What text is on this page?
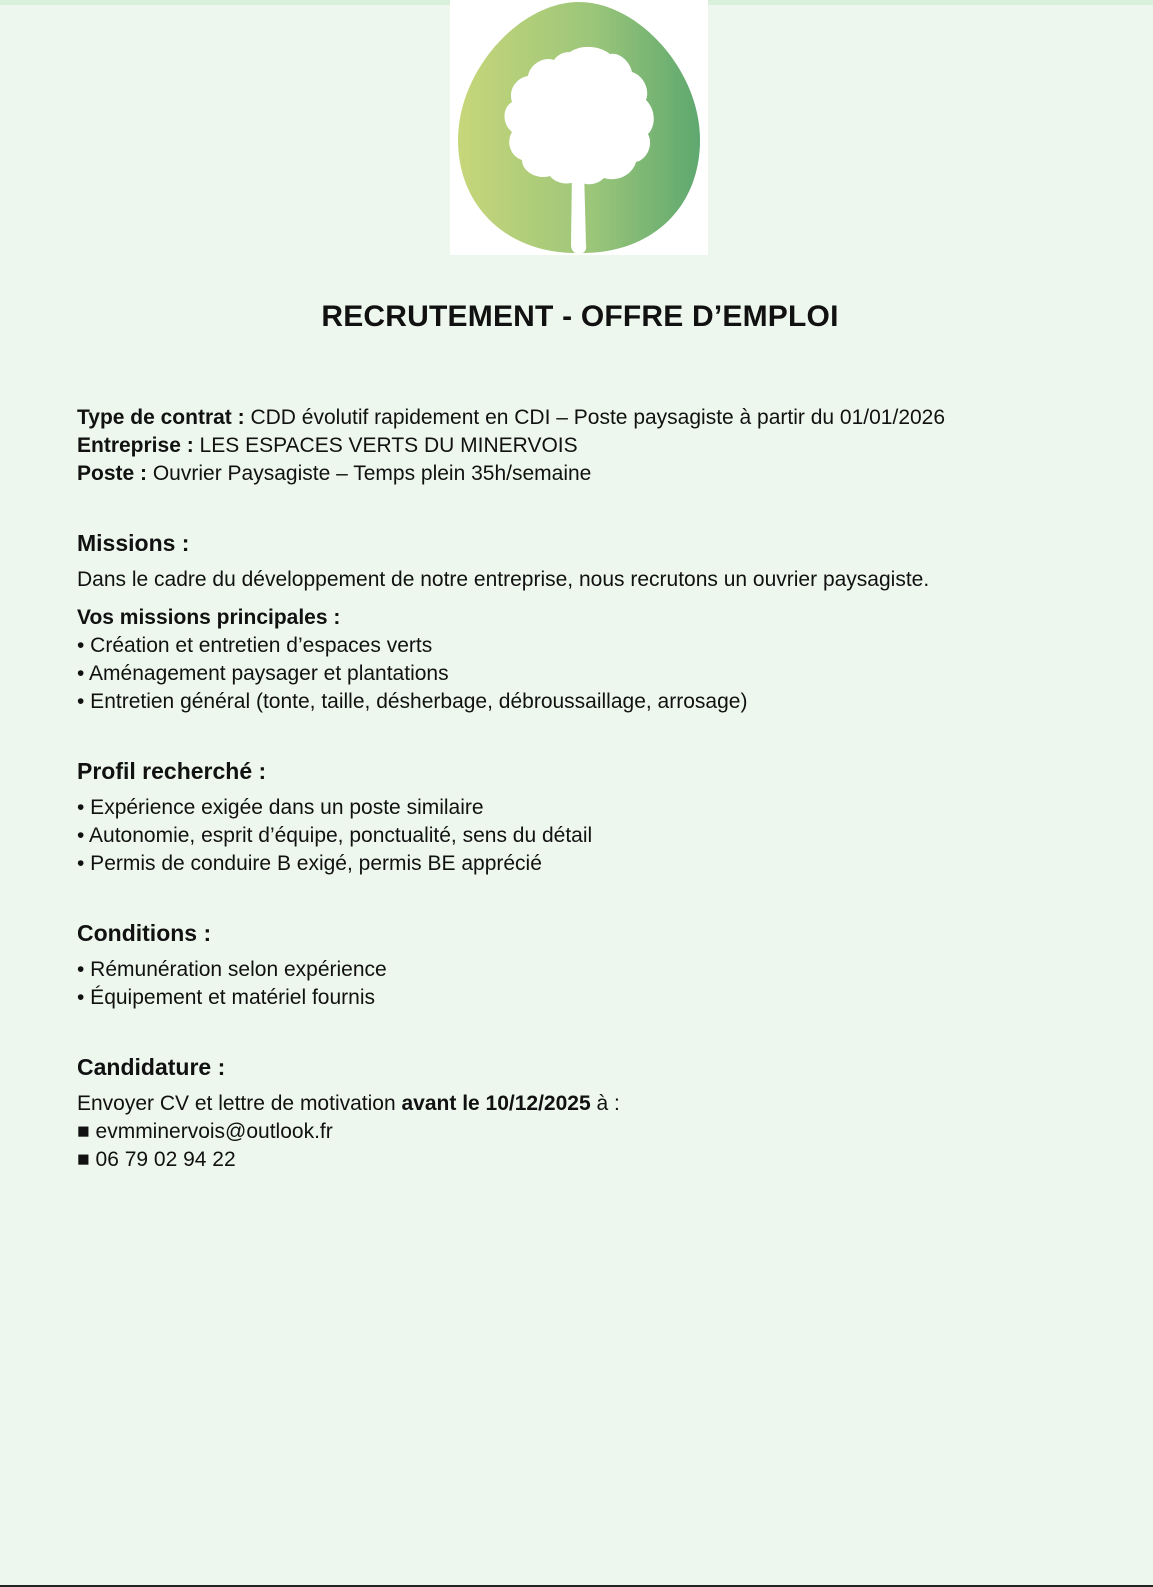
RECRUTEMENT - OFFRE D’EMPLOI
Type de contrat : CDD évolutif rapidement en CDI – Poste paysagiste à partir du 01/01/2026
Entreprise : LES ESPACES VERTS DU MINERVOIS
Poste : Ouvrier Paysagiste – Temps plein 35h/semaine
Missions :
Dans le cadre du développement de notre entreprise, nous recrutons un ouvrier paysagiste.
Vos missions principales :
• Création et entretien d’espaces verts
• Aménagement paysager et plantations
• Entretien général (tonte, taille, désherbage, débroussaillage, arrosage)
Profil recherché :
• Expérience exigée dans un poste similaire
• Autonomie, esprit d’équipe, ponctualité, sens du détail
• Permis de conduire B exigé, permis BE apprécié
Conditions :
• Rémunération selon expérience
• Équipement et matériel fournis
Candidature :
Envoyer CV et lettre de motivation avant le 10/12/2025 à :
■ evmminervois@outlook.fr
■ 06 79 02 94 22
